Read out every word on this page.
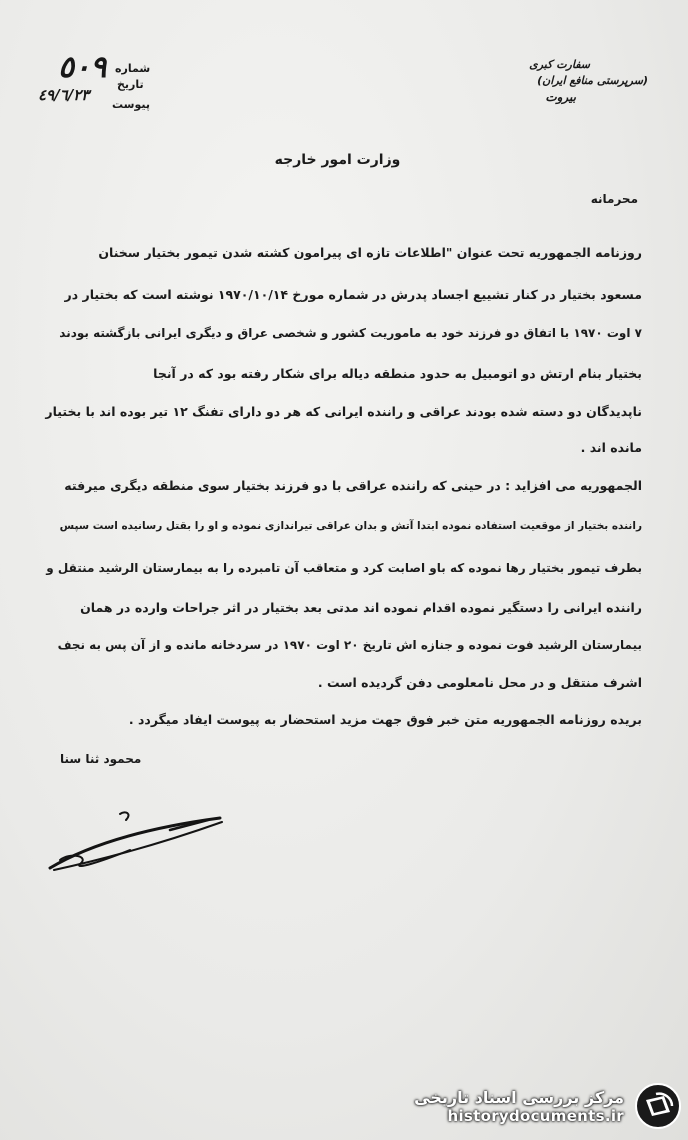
٥٠٩ شماره
٤٩/٦/٢٣
تاریخ
پیوست
سفارت کبری
(سرپرستی منافع ایران)
بیروت
وزارت امور خارجه
محرمانه
روزنامه الجمهوریه تحت عنوان "اطلاعات تازه ای پیرامون کشته شدن تیمور بختیار سخنان
مسعود بختیار در کنار تشییع اجساد پدرش در شماره مورخ ۱۹۷۰/۱۰/۱۴ نوشته است که بختیار در
۷ اوت ۱۹۷۰ با اتفاق دو فرزند خود به ماموریت کشور و شخصی عراق و دیگری ایرانی بازگشته بودند
بختیار بنام ارتش دو اتومبیل به حدود منطقه دیاله برای شکار رفته بود که در آنجا
ناپدیدگان دو دسته شده بودند عراقی و راننده ایرانی که هر دو دارای تفنگ ۱۲ تیر بوده اند با بختیار
مانده اند .
الجمهوریه می افزاید : در حینی که راننده عراقی با دو فرزند بختیار سوی منطقه دیگری میرفته
راننده بختیار از موقعیت استفاده نموده ابتدا آتش و بدان عراقی تیراندازی نموده و او را بقتل رسانیده است سپس
بطرف تیمور بختیار رها نموده که باو اصابت کرد و متعاقب آن تامبرده را به بیمارستان الرشید منتقل و
راننده ایرانی را دستگیر نموده اقدام نموده اند مدتی بعد بختیار در اثر جراحات وارده در همان
بیمارستان الرشید فوت نموده و جنازه اش تاریخ ۲۰ اوت ۱۹۷۰ در سردخانه مانده و از آن پس به نجف
اشرف منتقل و در محل نامعلومی دفن گردیده است .
بریده روزنامه الجمهوریه متن خبر فوق جهت مزید استحضار به پیوست ایفاد میگردد .
محمود ثنا سنا
مرکز بررسی اسناد تاریخی
historydocuments.ir
